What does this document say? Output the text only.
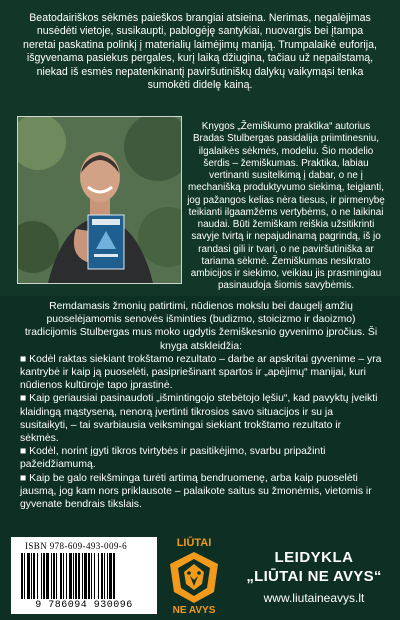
Beatodairiškos sėkmės paieškos brangiai atsieina. Nerimas, negalėjimas nusėdėti vietoje, susikaupti, pablogėję santykiai, nuovargis bei įtampa neretai paskatina polinkį į materialių laimėjimų maniją. Trumpalaikė euforija, išgyvenama pasiekus pergales, kurį laiką džiugina, tačiau už nepailstamą, niekad iš esmės nepatenkinantį paviršutiniškų dalykų vaikymąsi tenka sumokėti didelę kainą.

Knygos „Žemiškumo praktika“ autorius Bradas Stulbergas pasidalija priimtinesniu, ilgalaikės sėkmės, modeliu. Šio modelio šerdis – žemiškumas. Praktika, labiau vertinanti susitelkimą į dabar, o ne į mechanišką produktyvumo siekimą, teigianti, jog pažangos kelias nėra tiesus, ir pirmenybę teikianti ilgaamžėms vertybėms, o ne laikinai naudai. Būti žemiškam reiškia užsitikrinti savyje tvirtą ir nepajudinamą pagrindą, iš jo randasi gili ir tvari, o ne paviršutiniška ar tariama sėkmė. Žemiškumas nesikrato ambicijos ir siekimo, veikiau jis prasmingiau pasinaudoja šiomis savybėmis.

Remdamasis žmonių patirtimi, nūdienos mokslu bei daugelį amžių puoselėjamomis senovės išminties (budizmo, stoicizmo ir daoizmo) tradicijomis Stulbergas mus moko ugdytis žemiškesnio gyvenimo įpročius. Ši knyga atskleidžia:
■ Kodėl raktas siekiant trokštamo rezultato – darbe ar apskritai gyvenime – yra kantrybė ir kaip ją puoselėti, pasipriešinant spartos ir „apėjimų“ manijai, kuri nūdienos kultūroje tapo įprastinė.
■ Kaip geriausiai pasinaudoti „išmintingojo stebėtojo lęšiu“, kad pavyktų įveikti klaidingą mąstyseną, nenorą įvertinti tikrosios savo situacijos ir su ja susitaikyti, – tai svarbiausia veiksmingai siekiant trokštamo rezultato ir sėkmės.
■ Kodėl, norint įgyti tikros tvirtybės ir pasitikėjimo, svarbu pripažinti pažeidžiamumą.
■ Kaip be galo reikšminga turėti artimą bendruomenę, arba kaip puoselėti jausmą, jog kam nors priklausote – palaikote saitus su žmonėmis, vietomis ir gyvenate bendrais tikslais.
ISBN 978-609-493-009-6
9 786094 930096
LIŪTAI
NE AVYS
LEIDYKLA
„LIŪTAI NE AVYS“
www.liutaineavys.lt
